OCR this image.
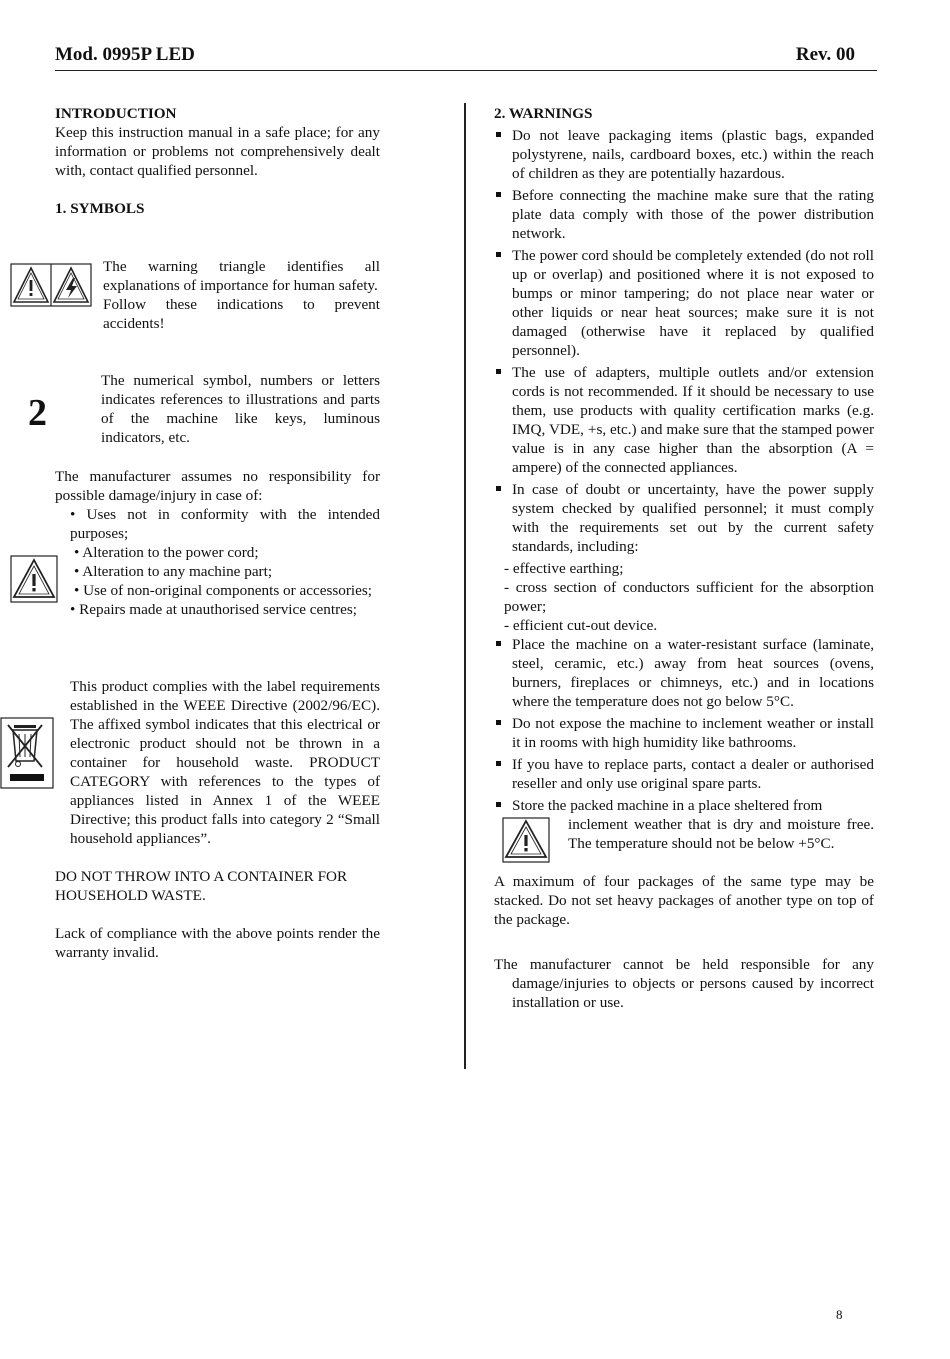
Mod. 0995P LED	Rev. 00

INTRODUCTION

Keep this instruction manual in a safe place; for any information or problems not comprehensively dealt with, contact qualified personnel.

1. SYMBOLS

The warning triangle identifies all explanations of importance for human safety.

Follow these indications to prevent accidents!

2

The numerical symbol, numbers or letters indicates references to illustrations and parts of the machine like keys, luminous indicators, etc.

The manufacturer assumes no responsibility for possible damage/injury in case of:

• Uses not in conformity with the intended purposes;

• Alteration to the power cord;

• Alteration to any machine part;

• Use of non-original components or accessories;

• Repairs made at unauthorised service centres;

This product complies with the label requirements established in the WEEE Directive (2002/96/EC). The affixed symbol indicates that this electrical or electronic product should not be thrown in a container for household waste. PRODUCT CATEGORY with references to the types of appliances listed in Annex 1 of the WEEE Directive; this product falls into category 2 “Small household appliances”.

DO NOT THROW INTO A CONTAINER FOR HOUSEHOLD WASTE.

Lack of compliance with the above points render the warranty invalid.

2. WARNINGS

Do not leave packaging items (plastic bags, expanded polystyrene, nails, cardboard boxes, etc.) within the reach of children as they are potentially hazardous.
Before connecting the machine make sure that the rating plate data comply with those of the power distribution network.
The power cord should be completely extended (do not roll up or overlap) and positioned where it is not exposed to bumps or minor tampering; do not place near water or other liquids or near heat sources; make sure it is not damaged (otherwise have it replaced by qualified personnel).
The use of adapters, multiple outlets and/or extension cords is not recommended. If it should be necessary to use them, use products with quality certification marks (e.g. IMQ, VDE, +s, etc.) and make sure that the stamped power value is in any case higher than the absorption (A = ampere) of the connected appliances.
In case of doubt or uncertainty, have the power supply system checked by qualified personnel; it must comply with the requirements set out by the current safety standards, including:

- effective earthing;

- cross section of conductors sufficient for the absorption power;

- efficient cut-out device.

Place the machine on a water-resistant surface (laminate, steel, ceramic, etc.) away from heat sources (ovens, burners, fireplaces or chimneys, etc.) and in locations where the temperature does not go below 5°C.
Do not expose the machine to inclement weather or install it in rooms with high humidity like bathrooms.
If you have to replace parts, contact a dealer or authorised reseller and only use original spare parts.
Store the packed machine in a place sheltered from

inclement weather that is dry and moisture free. The temperature should not be below +5°C.

A maximum of four packages of the same type may be stacked. Do not set heavy packages of another type on top of the package.

The manufacturer cannot be held responsible for any damage/injuries to objects or persons caused by incorrect installation or use.

8
